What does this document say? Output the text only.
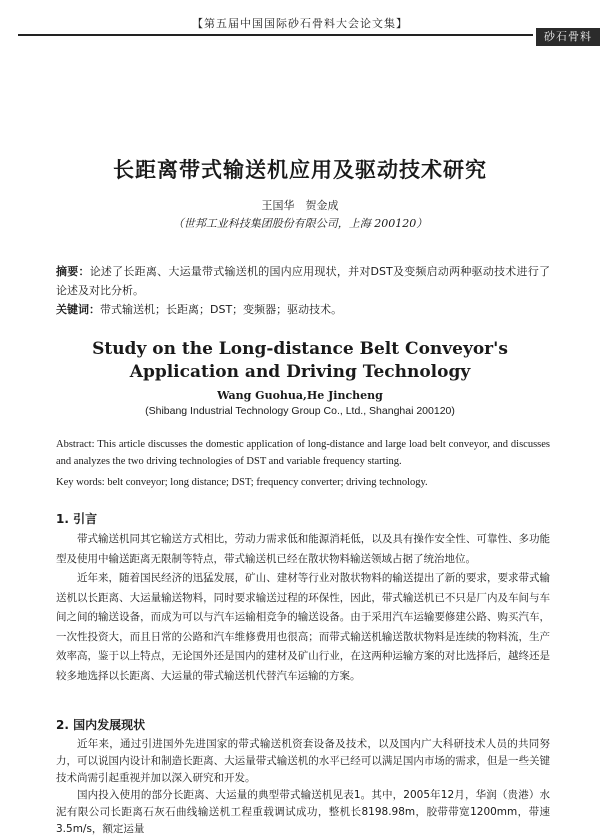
【第五届中国国际砂石骨料大会论文集】
砂石骨料
长距离带式输送机应用及驱动技术研究
王国华　贺金成
（世邦工业科技集团股份有限公司，上海 200120）
摘要：论述了长距离、大运量带式输送机的国内应用现状，并对DST及变频启动两种驱动技术进行了论述及对比分析。
关键词：带式输送机；长距离；DST；变频器；驱动技术。
Study on the Long-distance Belt Conveyor's Application and Driving Technology
Wang Guohua,He Jincheng
(Shibang Industrial Technology Group Co., Ltd., Shanghai 200120)
Abstract: This article discusses the domestic application of long-distance and large load belt conveyor, and discusses and analyzes the two driving technologies of DST and variable frequency starting.
Key words: belt conveyor; long distance; DST; frequency converter; driving technology.
1. 引言

带式输送机同其它输送方式相比，劳动力需求低和能源消耗低，以及具有操作安全性、可靠性、多功能型及使用中输送距离无限制等特点，带式输送机已经在散状物料输送领域占据了统治地位。

近年来，随着国民经济的迅猛发展，矿山、建材等行业对散状物料的输送提出了新的要求，要求带式输送机以长距离、大运量输送物料，同时要求输送过程的环保性，因此，带式输送机已不只是厂内及车间与车间之间的输送设备，而成为可以与汽车运输相竞争的输送设备。由于采用汽车运输要修建公路、购买汽车，一次性投资大，而且日常的公路和汽车维修费用也很高；而带式输送机输送散状物料是连续的物料流，生产效率高，鉴于以上特点，无论国外还是国内的建材及矿山行业，在这两种运输方案的对比选择后，越终还是较多地选择以长距离、大运量的带式输送机代替汽车运输的方案。

2. 国内发展现状

近年来，通过引进国外先进国家的带式输送机资套设备及技术，以及国内广大科研技术人员的共同努力，可以说国内设计和制造长距离、大运量带式输送机的水平已经可以满足国内市场的需求，但是一些关键技术尚需引起重视并加以深入研究和开发。

国内投入使用的部分长距离、大运量的典型带式输送机见表1。其中，2005年12月，华润（贵港）水泥有限公司长距离石灰石曲线输送机工程重载调试成功，整机长8198.98m，胶带带宽1200mm，带速3.5m/s，额定运量
